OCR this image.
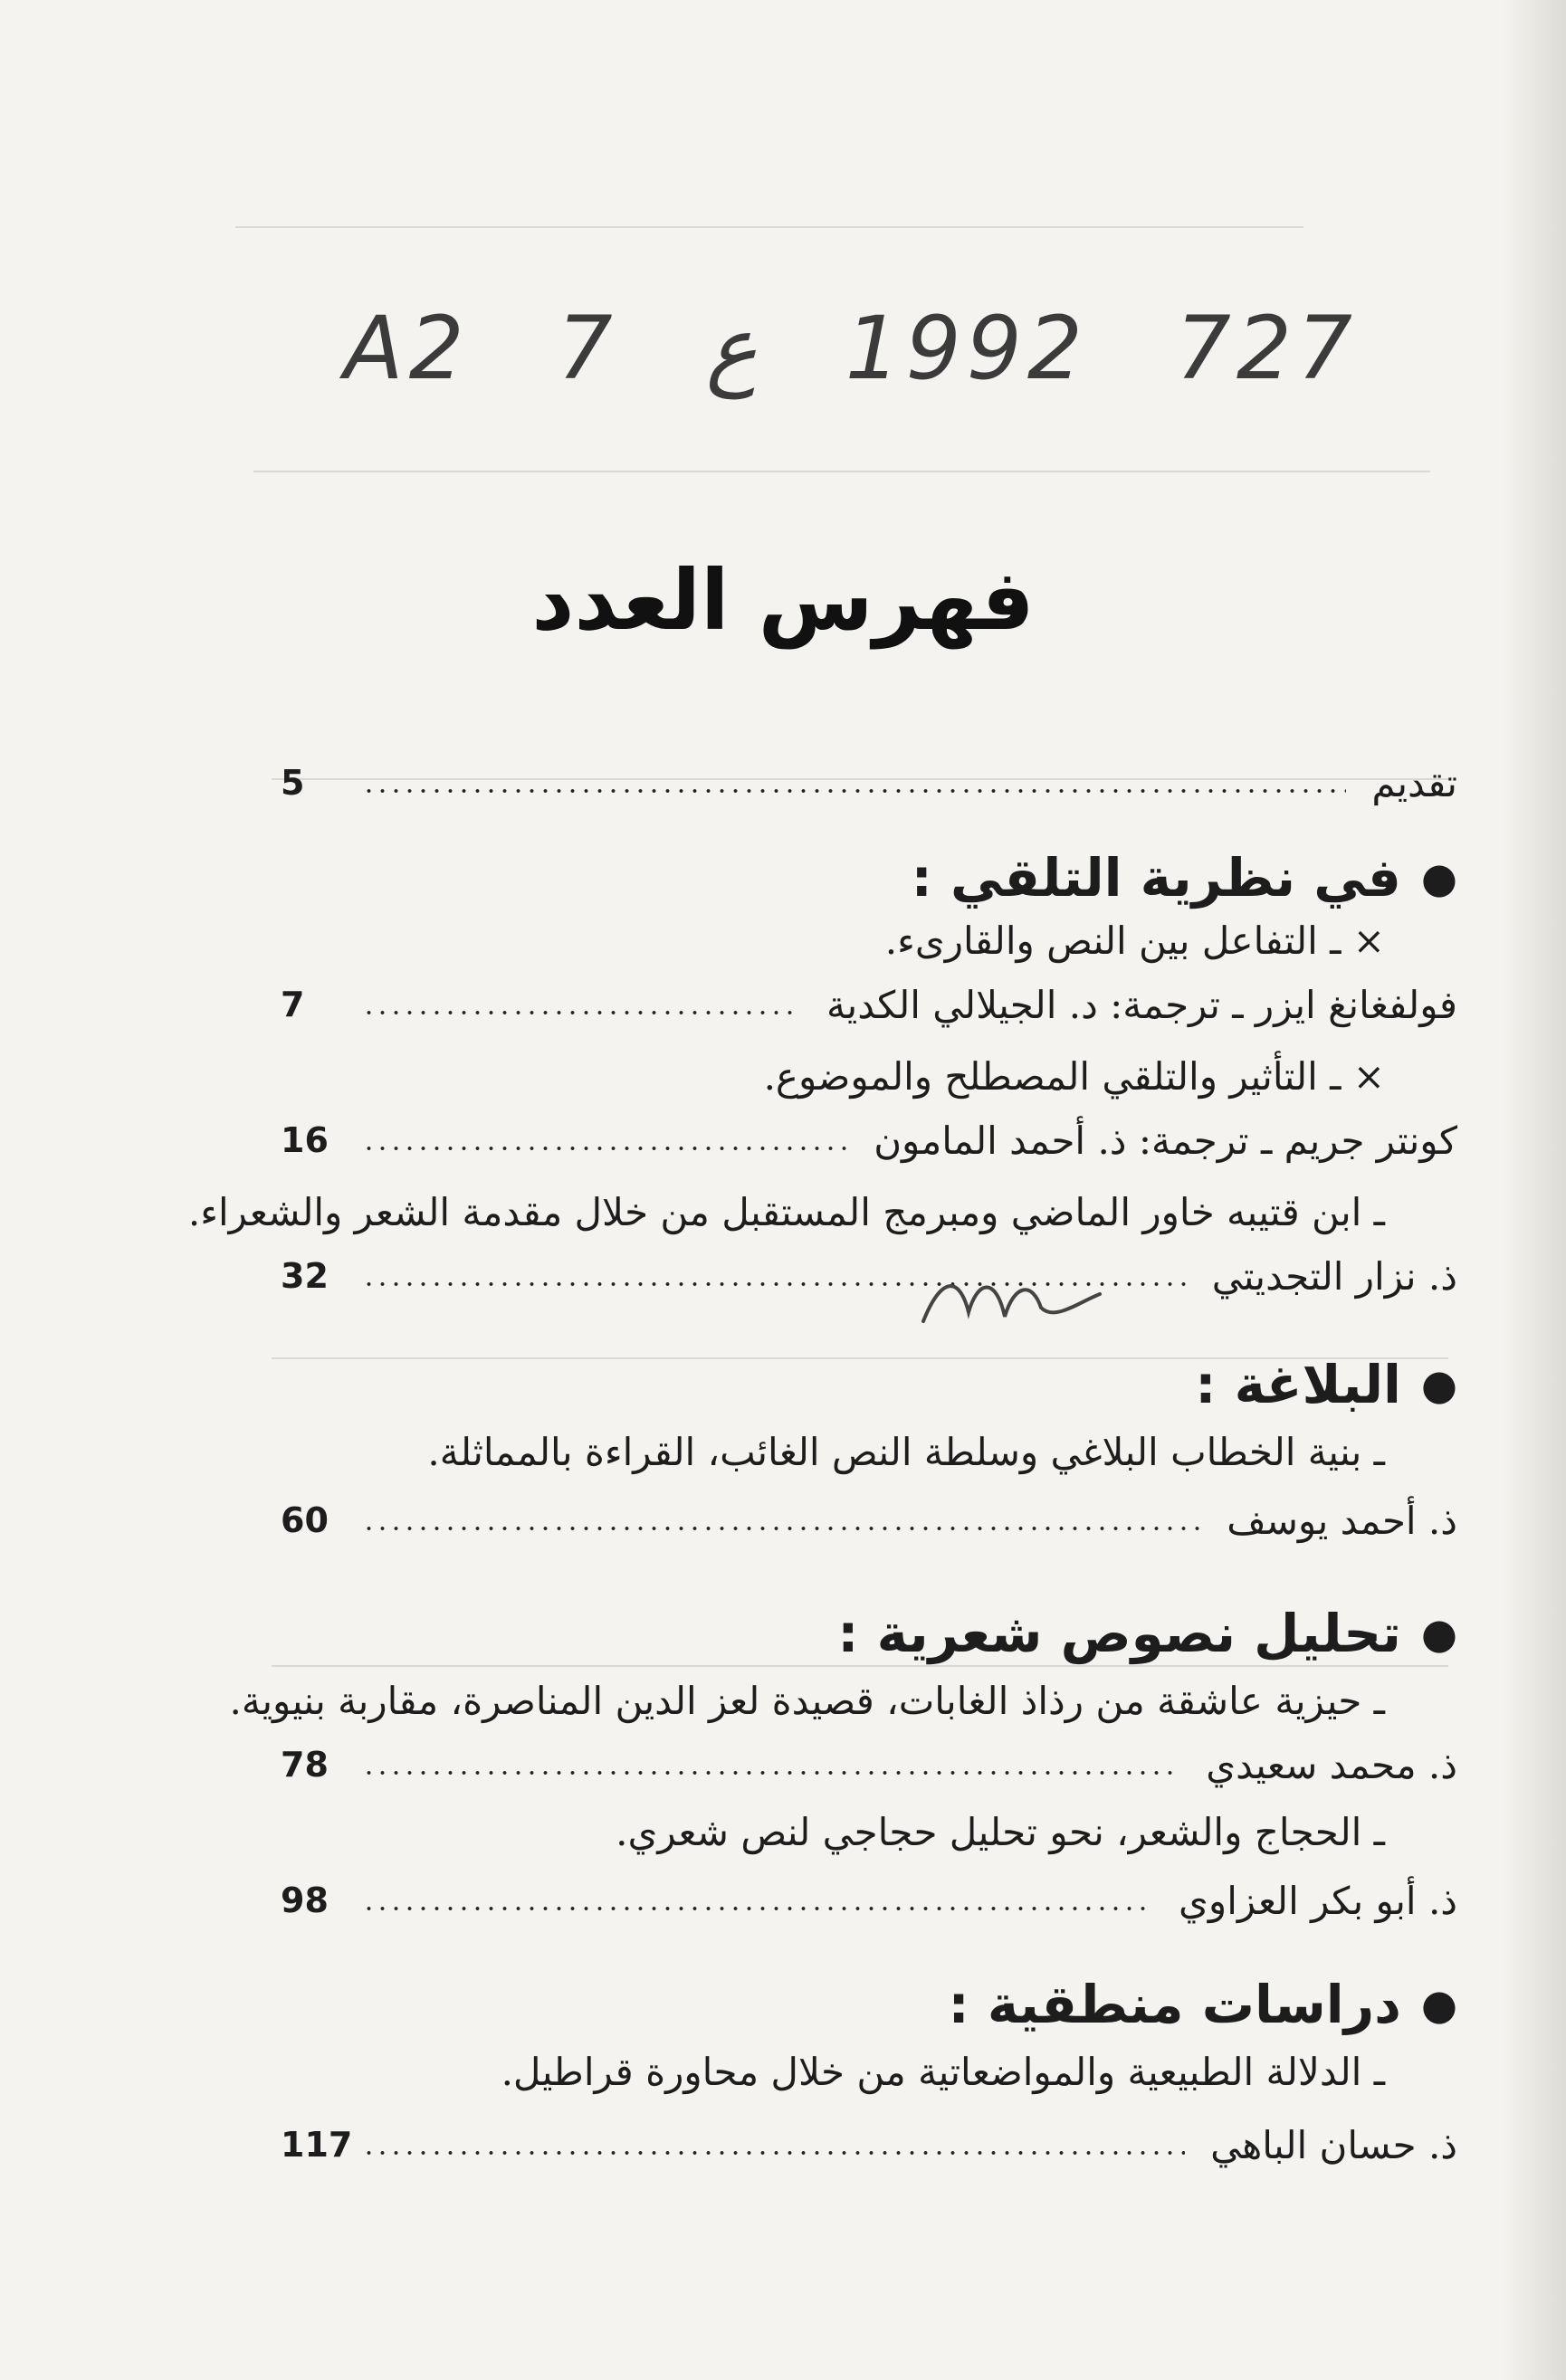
A2 7 ع 1992 727
فهرس العدد
تقديم
5
●
في نظرية التلقي :
× ـ التفاعل بين النص والقارىء.
فولفغانغ ايزر ـ ترجمة: د. الجيلالي الكدية
7
× ـ التأثير والتلقي المصطلح والموضوع.
كونتر جريم ـ ترجمة: ذ. أحمد المامون
16
ـ ابن قتيبه خاور الماضي ومبرمج المستقبل من خلال مقدمة الشعر والشعراء.
ذ. نزار التجديتي
32
●
البلاغة :
ـ بنية الخطاب البلاغي وسلطة النص الغائب، القراءة بالمماثلة.
ذ. أحمد يوسف
60
●
تحليل نصوص شعرية :
ـ حيزية عاشقة من رذاذ الغابات، قصيدة لعز الدين المناصرة، مقاربة بنيوية.
ذ. محمد سعيدي
78
ـ الحجاج والشعر، نحو تحليل حجاجي لنص شعري.
ذ. أبو بكر العزاوي
98
●
دراسات منطقية :
ـ الدلالة الطبيعية والمواضعاتية من خلال محاورة قراطيل.
ذ. حسان الباهي
117
